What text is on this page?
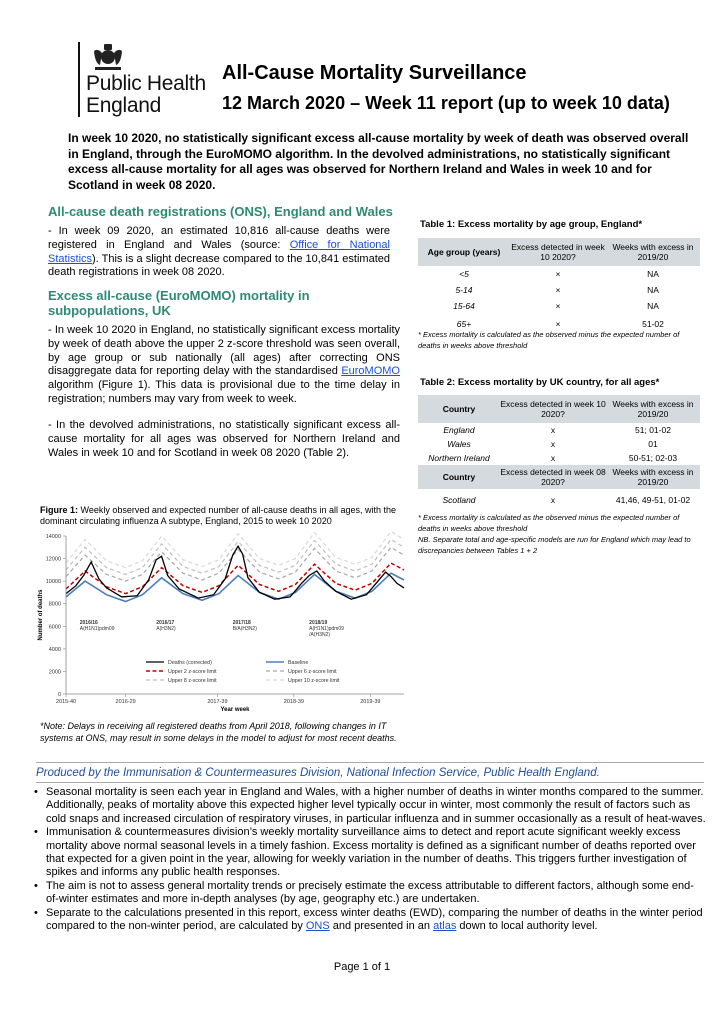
Public Health
England
All-Cause Mortality Surveillance
12 March 2020 – Week 11 report (up to week 10 data)
In week 10 2020, no statistically significant excess all-cause mortality by week of death was observed overall in England, through the EuroMOMO algorithm. In the devolved administrations, no statistically significant excess all-cause mortality for all ages was observed for Northern Ireland and Wales in week 10 and for Scotland in week 08 2020.
All-cause death registrations (ONS), England and Wales

- In week 09 2020, an estimated 10,816 all-cause deaths were registered in England and Wales (source: Office for National Statistics). This is a slight decrease compared to the 10,841 estimated death registrations in week 08 2020.

Excess all-cause (EuroMOMO) mortality in subpopulations, UK

- In week 10 2020 in England, no statistically significant excess mortality by week of death above the upper 2 z-score threshold was seen overall, by age group or sub nationally (all ages) after correcting ONS disaggregate data for reporting delay with the standardised EuroMOMO algorithm (Figure 1). This data is provisional due to the time delay in registration; numbers may vary from week to week.

- In the devolved administrations, no statistically significant excess all-cause mortality for all ages was observed for Northern Ireland and Wales in week 10 and for Scotland in week 08 2020 (Table 2).

Table 1: Excess mortality by age group, England*
Age group (years)	Excess detected in week 10 2020?	Weeks with excess in 2019/20
<5	×	NA
5-14	×	NA
15-64	×	NA
65+	×	51-02
* Excess mortality is calculated as the observed minus the expected number of deaths in weeks above threshold
Table 2: Excess mortality by UK country, for all ages*
Country	Excess detected in week 10 2020?	Weeks with excess in 2019/20
England	x	51; 01-02
Wales	x	01
Northern Ireland	x	50-51; 02-03
Country	Excess detected in week 08 2020?	Weeks with excess in 2019/20
Scotland	x	41,46, 49-51, 01-02
* Excess mortality is calculated as the observed minus the expected number of deaths in weeks above threshold
NB. Separate total and age-specific models are run for England which may lead to discrepancies between Tables 1 + 2
Figure 1: Weekly observed and expected number of all-cause deaths in all ages, with the dominant circulating influenza A subtype, England, 2015 to week 10 2020
0
2000
4000
6000
8000
10000
12000
14000
2015-40	2016-29	2017-39	2018-39	2019-39
Year week
Number of deaths	2016/16
A(H1N1)pdm09
2016/17
A(H3N2)
2017/18
B/A(H3N2)
2018/19
A(H1N1)pdm09
/A(H3N2)
Deaths (corrected)	Baseline
Upper 2 z-score limit	Upper 6 z-score limit
Upper 8 z-score limit	Upper 10 z-score limit
*Note: Delays in receiving all registered deaths from April 2018, following changes in IT systems at ONS, may result in some delays in the model to adjust for most recent deaths.
Produced by the Immunisation & Countermeasures Division, National Infection Service, Public Health England.
• Seasonal mortality is seen each year in England and Wales, with a higher number of deaths in winter months compared to the summer. Additionally, peaks of mortality above this expected higher level typically occur in winter, most commonly the result of factors such as cold snaps and increased circulation of respiratory viruses, in particular influenza and in summer occasionally as a result of heat-waves.
• Immunisation & countermeasures division’s weekly mortality surveillance aims to detect and report acute significant weekly excess mortality above normal seasonal levels in a timely fashion. Excess mortality is defined as a significant number of deaths reported over that expected for a given point in the year, allowing for weekly variation in the number of deaths. This triggers further investigation of spikes and informs any public health responses.
• The aim is not to assess general mortality trends or precisely estimate the excess attributable to different factors, although some end-of-winter estimates and more in-depth analyses (by age, geography etc.) are undertaken.
• Separate to the calculations presented in this report, excess winter deaths (EWD), comparing the number of deaths in the winter period compared to the non-winter period, are calculated by ONS and presented in an atlas down to local authority level.
Page 1 of 1
